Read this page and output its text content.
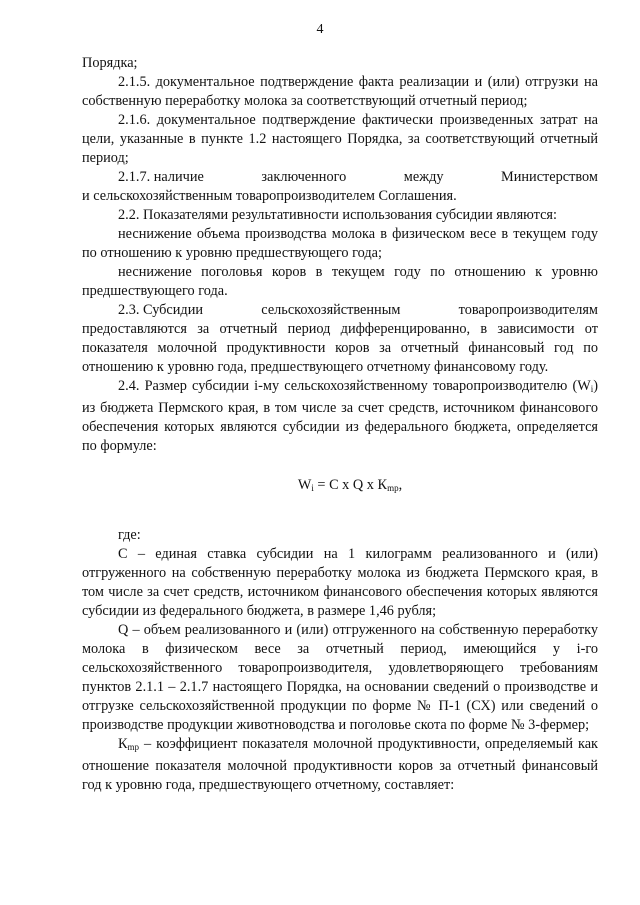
4

Порядка;

2.1.5. документальное подтверждение факта реализации и (или) отгрузки на собственную переработку молока за соответствующий отчетный период;

2.1.6. документальное подтверждение фактически произведенных затрат на цели, указанные в пункте 1.2 настоящего Порядка, за соответствующий отчетный период;

2.1.7. наличие	заключенного	между	Министерством

и сельскохозяйственным товаропроизводителем Соглашения.

2.2. Показателями результативности использования субсидии являются:

неснижение объема производства молока в физическом весе в текущем году по отношению к уровню предшествующего года;

неснижение поголовья коров в текущем году по отношению к уровню предшествующего года.

2.3. Субсидии	сельскохозяйственным	товаропроизводителям

предоставляются за отчетный период дифференцированно, в зависимости от показателя молочной продуктивности коров за отчетный финансовый год по отношению к уровню года, предшествующего отчетному финансовому году.

2.4. Размер субсидии i-му сельскохозяйственному товаропроизводителю $(W_i)$ из бюджета Пермского края, в том числе за счет средств, источником финансового обеспечения которых являются субсидии из федерального бюджета, определяется по формуле:

$W_i = С$ х Q х $К_{mp}$,

где:

С – единая ставка субсидии на 1 килограмм реализованного и (или) отгруженного на собственную переработку молока из бюджета Пермского края, в том числе за счет средств, источником финансового обеспечения которых являются субсидии из федерального бюджета, в размере 1,46 рубля;

Q – объем реализованного и (или) отгруженного на собственную переработку молока в физическом весе за отчетный период, имеющийся у i-го сельскохозяйственного товаропроизводителя, удовлетворяющего требованиям пунктов 2.1.1 – 2.1.7 настоящего Порядка, на основании сведений о производстве и отгрузке сельскохозяйственной продукции по форме № П-1 (СХ) или сведений о производстве продукции животноводства и поголовье скота по форме № 3-фермер;

$К_{mp}$ – коэффициент показателя молочной продуктивности, определяемый как отношение показателя молочной продуктивности коров за отчетный финансовый год к уровню года, предшествующего отчетному, составляет:
